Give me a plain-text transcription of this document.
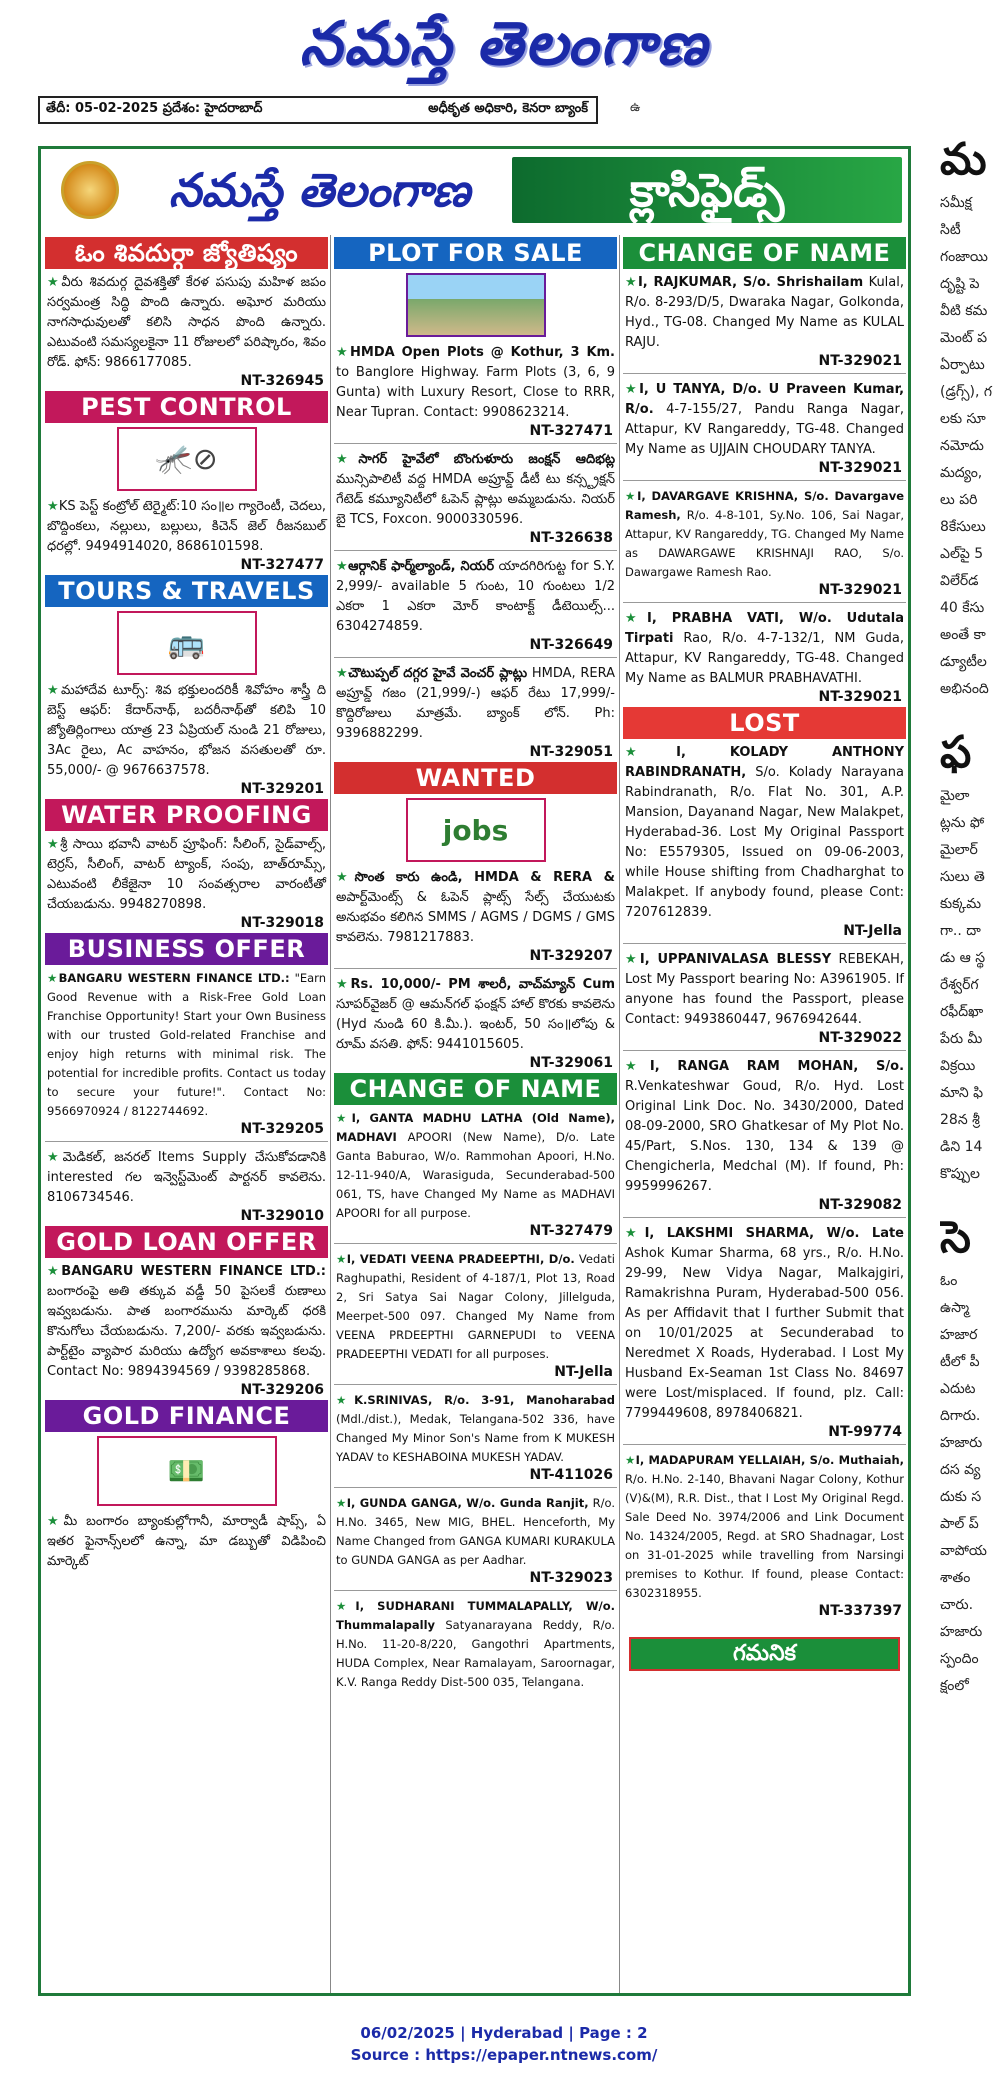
నమస్తే తెలంగాణ
తేదీ: 05-02-2025 ప్రదేశం: హైదరాబాద్	అధీకృత అధికారి, కెనరా బ్యాంక్	ఉ
నమస్తే తెలంగాణ	క్లాసిఫైడ్స్
ఓం శివదుర్గా జ్యోతిష్యం
★వీరు శివదుర్గ దైవశక్తితో కేరళ పసుపు మహిళ జపం సర్వమంత్ర సిద్ధి పొంది ఉన్నారు. అఘోర మరియు నాగసాధువులతో కలిసి సాధన పొంది ఉన్నారు. ఎటువంటి సమస్యలకైనా 11 రోజులలో పరిష్కారం, శివం రోడ్. ఫోన్: 9866177085.
NT-326945
PEST CONTROL
🦟⊘
★KS పెస్ట్ కంట్రోల్ టెర్మైట్:10 సం॥ల గ్యారెంటీ, చెదలు, బొద్దింకలు, నల్లులు, బల్లులు, కిచెన్ జెల్ రీజనబుల్ ధరల్లో. 9494914020, 8686101598.
NT-327477
TOURS & TRAVELS
🚌
★మహాదేవ టూర్స్: శివ భక్తులందరికీ శివోహం శాస్త్రీ ది బెస్ట్ ఆఫర్: కేదార్‌నాథ్, బదరీనాథ్‌తో కలిపి 10 జ్యోతిర్లింగాలు యాత్ర 23 ఏప్రియల్ నుండి 21 రోజులు, 3Ac రైలు, Ac వాహనం, భోజన వసతులతో రూ. 55,000/- @ 9676637578.
NT-329201
WATER PROOFING
★శ్రీ సాయి భవానీ వాటర్ ప్రూఫింగ్: సీలింగ్, సైడ్‌వాల్స్, టెర్రస్, సీలింగ్, వాటర్ ట్యాంక్, సంపు, బాత్‌రూమ్స్, ఎటువంటి లీకేజైనా 10 సంవత్సరాల వారంటీతో చేయబడును. 9948270898.
NT-329018
BUSINESS OFFER
★BANGARU WESTERN FINANCE LTD.: "Earn Good Revenue with a Risk-Free Gold Loan Franchise Opportunity! Start your Own Business with our trusted Gold-related Franchise and enjoy high returns with minimal risk. The potential for incredible profits. Contact us today to secure your future!". Contact No: 9566970924 / 8122744692.
NT-329205
★మెడికల్, జనరల్ Items Supply చేసుకోవడానికి interested గల ఇన్వెస్ట్‌మెంట్ పార్టనర్ కావలెను. 8106734546.
NT-329010
GOLD LOAN OFFER
★BANGARU WESTERN FINANCE LTD.: బంగారంపై అతి తక్కువ వడ్డీ 50 పైసలకే రుణాలు ఇవ్వబడును. పాత బంగారమును మార్కెట్ ధరకి కొనుగోలు చేయబడును. 7,200/- వరకు ఇవ్వబడును. పార్ట్‌టైం వ్యాపార మరియు ఉద్యోగ అవకాశాలు కలవు. Contact No: 9894394569 / 9398285868.
NT-329206
GOLD FINANCE
💵
★మీ బంగారం బ్యాంకుల్లోగానీ, మార్వాడీ షాప్స్, ఏ ఇతర ఫైనాన్స్‌లలో ఉన్నా, మా డబ్బుతో విడిపించి మార్కెట్
PLOT FOR SALE
★HMDA Open Plots @ Kothur, 3 Km. to Banglore Highway. Farm Plots (3, 6, 9 Gunta) with Luxury Resort, Close to RRR, Near Tupran. Contact: 9908623214.
NT-327471
★సాగర్ హైవేలో బొంగుళూరు జంక్షన్ ఆదిభట్ల మున్సిపాలిటీ వద్ద HMDA అప్రూవ్డ్ డీటీ టు కన్స్ట్రక్షన్ గేటెడ్ కమ్యూనిటీలో ఓపెన్ ప్లాట్లు అమ్మబడును. నియర్ బై TCS, Foxcon. 9000330596.
NT-326638
★ఆర్గానిక్ ఫార్మ్‌ల్యాండ్, నియర్ యాదగిరిగుట్ట for S.Y. 2,999/- available 5 గుంట, 10 గుంటలు 1/2 ఎకరా 1 ఎకరా మోర్ కాంటాక్ట్ డీటెయిల్స్... 6304274859.
NT-326649
★చౌటుప్పల్ దగ్గర హైవే వెంచర్ ప్లాట్లు HMDA, RERA అప్రూవ్డ్ గజం (21,999/-) ఆఫర్ రేటు 17,999/- కొద్దిరోజులు మాత్రమే. బ్యాంక్ లోన్. Ph: 9396882299.
NT-329051
WANTED
jobs
★సొంత కారు ఉండి, HMDA & RERA & అపార్ట్‌మెంట్స్ & ఓపెన్ ప్లాట్స్ సేల్స్ చేయుటకు అనుభవం కలిగిన SMMS / AGMS / DGMS / GMS కావలెను. 7981217883.
NT-329207
★Rs. 10,000/- PM శాలరీ, వాచ్‌మ్యాన్ Cum సూపర్‌వైజర్ @ ఆమన్‌గల్ ఫంక్షన్ హాల్ కొరకు కావలెను (Hyd నుండి 60 కి.మీ.). ఇంటర్, 50 సం॥లోపు & రూమ్ వసతి. ఫోన్: 9441015605.
NT-329061
CHANGE OF NAME
★I, GANTA MADHU LATHA (Old Name), MADHAVI APOORI (New Name), D/o. Late Ganta Baburao, W/o. Rammohan Apoori, H.No. 12-11-940/A, Warasiguda, Secunderabad-500 061, TS, have Changed My Name as MADHAVI APOORI for all purpose.
NT-327479
★I, VEDATI VEENA PRADEEPTHI, D/o. Vedati Raghupathi, Resident of 4-187/1, Plot 13, Road 2, Sri Satya Sai Nagar Colony, Jillelguda, Meerpet-500 097. Changed My Name from VEENA PRDEEPTHI GARNEPUDI to VEENA PRADEEPTHI VEDATI for all purposes.
NT-Jella
★K.SRINIVAS, R/o. 3-91, Manoharabad (Mdl./dist.), Medak, Telangana-502 336, have Changed My Minor Son's Name from K MUKESH YADAV to KESHABOINA MUKESH YADAV.
NT-411026
★I, GUNDA GANGA, W/o. Gunda Ranjit, R/o. H.No. 3465, New MIG, BHEL. Henceforth, My Name Changed from GANGA KUMARI KURAKULA to GUNDA GANGA as per Aadhar.
NT-329023
★I, SUDHARANI TUMMALAPALLY, W/o. Thummalapally Satyanarayana Reddy, R/o. H.No. 11-20-8/220, Gangothri Apartments, HUDA Complex, Near Ramalayam, Saroornagar, K.V. Ranga Reddy Dist-500 035, Telangana.
CHANGE OF NAME
★I, RAJKUMAR, S/o. Shrishailam Kulal, R/o. 8-293/D/5, Dwaraka Nagar, Golkonda, Hyd., TG-08. Changed My Name as KULAL RAJU.
NT-329021
★I, U TANYA, D/o. U Praveen Kumar, R/o. 4-7-155/27, Pandu Ranga Nagar, Attapur, KV Rangareddy, TG-48. Changed My Name as UJJAIN CHOUDARY TANYA.
NT-329021
★I, DAVARGAVE KRISHNA, S/o. Davargave Ramesh, R/o. 4-8-101, Sy.No. 106, Sai Nagar, Attapur, KV Rangareddy, TG. Changed My Name as DAWARGAWE KRISHNAJI RAO, S/o. Dawargawe Ramesh Rao.
NT-329021
★I, PRABHA VATI, W/o. Udutala Tirpati Rao, R/o. 4-7-132/1, NM Guda, Attapur, KV Rangareddy, TG-48. Changed My Name as BALMUR PRABHAVATHI.
NT-329021
LOST
★I, KOLADY ANTHONY RABINDRANATH, S/o. Kolady Narayana Rabindranath, R/o. Flat No. 301, A.P. Mansion, Dayanand Nagar, New Malakpet, Hyderabad-36. Lost My Original Passport No: E5579305, Issued on 09-06-2003, while House shifting from Chadharghat to Malakpet. If anybody found, please Cont: 7207612839.
NT-Jella
★I, UPPANIVALASA BLESSY REBEKAH, Lost My Passport bearing No: A3961905. If anyone has found the Passport, please Contact: 9493860447, 9676942644.
NT-329022
★I, RANGA RAM MOHAN, S/o. R.Venkateshwar Goud, R/o. Hyd. Lost Original Link Doc. No. 3430/2000, Dated 08-09-2000, SRO Ghatkesar of My Plot No. 45/Part, S.Nos. 130, 134 & 139 @ Chengicherla, Medchal (M). If found, Ph: 9959996267.
NT-329082
★I, LAKSHMI SHARMA, W/o. Late Ashok Kumar Sharma, 68 yrs., R/o. H.No. 29-99, New Vidya Nagar, Malkajgiri, Ramakrishna Puram, Hyderabad-500 056. As per Affidavit that I further Submit that on 10/01/2025 at Secunderabad to Neredmet X Roads, Hyderabad. I Lost My Husband Ex-Seaman 1st Class No. 84697 were Lost/misplaced. If found, plz. Call: 7799449608, 8978406821.
NT-99774
★I, MADAPURAM YELLAIAH, S/o. Muthaiah, R/o. H.No. 2-140, Bhavani Nagar Colony, Kothur (V)&(M), R.R. Dist., that I Lost My Original Regd. Sale Deed No. 3974/2006 and Link Document No. 14324/2005, Regd. at SRO Shadnagar, Lost on 31-01-2025 while travelling from Narsingi premises to Kothur. If found, please Contact: 6302318955.
NT-337397
గమనిక
మ
సమీక్ష
సిటీ
గంజాయి
దృష్టి పె
వీటి కమ
మెంట్ ప
ఏర్పాటు
(డ్రగ్స్), గ
లకు సూ
నమోదు
మద్యం,
లు పరి
8కేసులు
ఎల్‌పై 5
విలేర్‌డ
40 కేసు
అంతే కా
డ్యూటీల
అభినంది
ఫ
మైలా
ట్లను ఫో
మైలార్‌
సులు తె
కుక్కమ
గా.. దా
డు ఆ స్థ
రేశ్వర్‌గ
రఫీద్‌ఖా
పేరు మీ
విక్రయి
మాని ఫి
28న శ్రీ
డిని 14
కొప్పుల
సె
ఓం
ఉస్మా
హజార
టీలో పీ
ఎదుట
దిగారు.
హజారు
దస వ్య
దుకు స
పాల్ ప్
వాపోయ
శాతం
చారు.
హజారు
స్పందిం
క్షంలో
06/02/2025 | Hyderabad | Page : 2
Source : https://epaper.ntnews.com/
